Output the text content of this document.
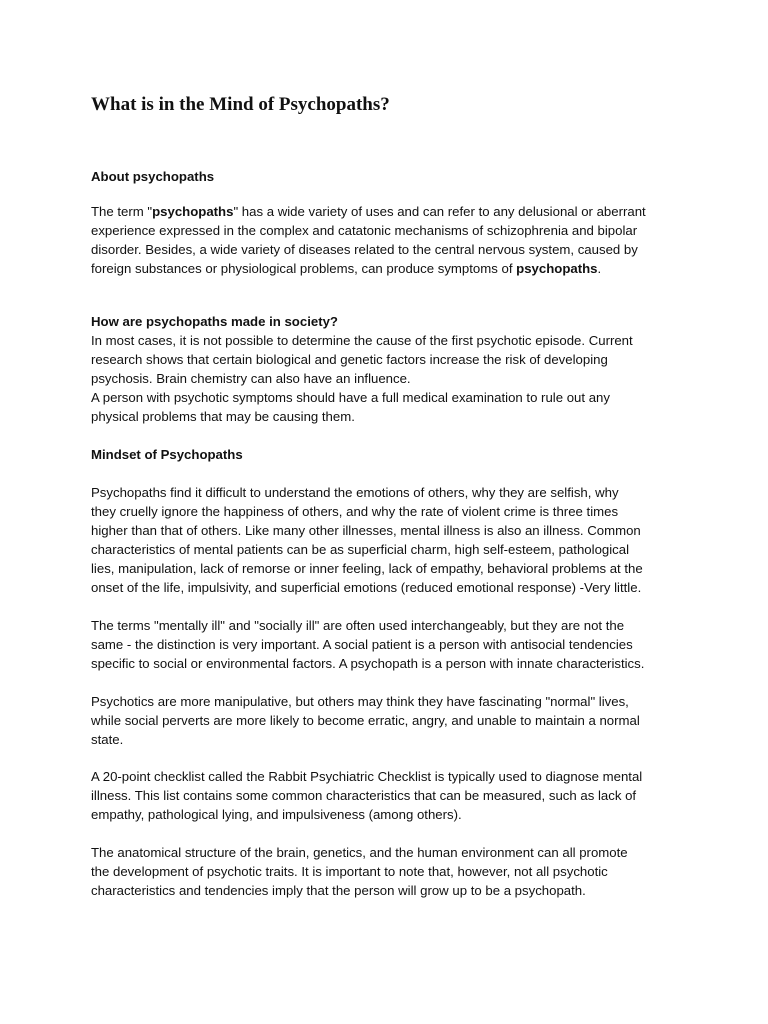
What is in the Mind of Psychopaths?

About psychopaths

The term "psychopaths" has a wide variety of uses and can refer to any delusional or aberrant
experience expressed in the complex and catatonic mechanisms of schizophrenia and bipolar
disorder. Besides, a wide variety of diseases related to the central nervous system, caused by
foreign substances or physiological problems, can produce symptoms of psychopaths.

How are psychopaths made in society?

In most cases, it is not possible to determine the cause of the first psychotic episode. Current
research shows that certain biological and genetic factors increase the risk of developing
psychosis. Brain chemistry can also have an influence.
A person with psychotic symptoms should have a full medical examination to rule out any
physical problems that may be causing them.

Mindset of Psychopaths

Psychopaths find it difficult to understand the emotions of others, why they are selfish, why
they cruelly ignore the happiness of others, and why the rate of violent crime is three times
higher than that of others. Like many other illnesses, mental illness is also an illness. Common
characteristics of mental patients can be as superficial charm, high self-esteem, pathological
lies, manipulation, lack of remorse or inner feeling, lack of empathy, behavioral problems at the
onset of the life, impulsivity, and superficial emotions (reduced emotional response) -Very little.
The terms "mentally ill" and "socially ill" are often used interchangeably, but they are not the
same - the distinction is very important. A social patient is a person with antisocial tendencies
specific to social or environmental factors. A psychopath is a person with innate characteristics.
Psychotics are more manipulative, but others may think they have fascinating "normal" lives,
while social perverts are more likely to become erratic, angry, and unable to maintain a normal
state.
A 20-point checklist called the Rabbit Psychiatric Checklist is typically used to diagnose mental
illness. This list contains some common characteristics that can be measured, such as lack of
empathy, pathological lying, and impulsiveness (among others).
The anatomical structure of the brain, genetics, and the human environment can all promote
the development of psychotic traits. It is important to note that, however, not all psychotic
characteristics and tendencies imply that the person will grow up to be a psychopath.
